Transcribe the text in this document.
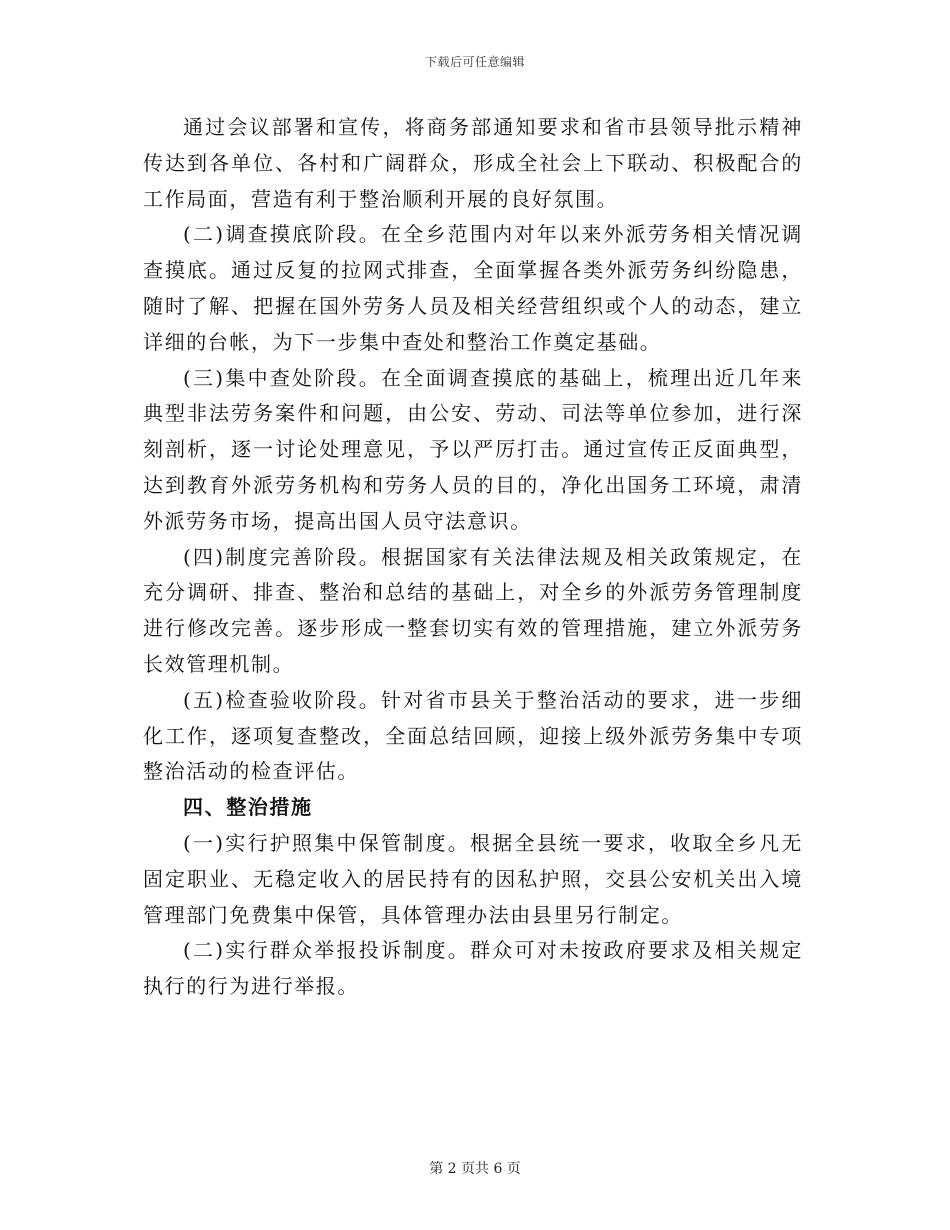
下载后可任意编辑

通过会议部署和宣传，将商务部通知要求和省市县领导批示精神传达到各单位、各村和广阔群众，形成全社会上下联动、积极配合的工作局面，营造有利于整治顺利开展的良好氛围。

(二)调查摸底阶段。在全乡范围内对年以来外派劳务相关情况调查摸底。通过反复的拉网式排查，全面掌握各类外派劳务纠纷隐患，随时了解、把握在国外劳务人员及相关经营组织或个人的动态，建立详细的台帐，为下一步集中查处和整治工作奠定基础。

(三)集中查处阶段。在全面调查摸底的基础上，梳理出近几年来典型非法劳务案件和问题，由公安、劳动、司法等单位参加，进行深刻剖析，逐一讨论处理意见，予以严厉打击。通过宣传正反面典型，达到教育外派劳务机构和劳务人员的目的，净化出国务工环境，肃清外派劳务市场，提高出国人员守法意识。

(四)制度完善阶段。根据国家有关法律法规及相关政策规定，在充分调研、排查、整治和总结的基础上，对全乡的外派劳务管理制度进行修改完善。逐步形成一整套切实有效的管理措施，建立外派劳务长效管理机制。

(五)检查验收阶段。针对省市县关于整治活动的要求，进一步细化工作，逐项复查整改，全面总结回顾，迎接上级外派劳务集中专项整治活动的检查评估。

四、整治措施

(一)实行护照集中保管制度。根据全县统一要求，收取全乡凡无固定职业、无稳定收入的居民持有的因私护照，交县公安机关出入境管理部门免费集中保管，具体管理办法由县里另行制定。

(二)实行群众举报投诉制度。群众可对未按政府要求及相关规定执行的行为进行举报。

第 2 页共 6 页
